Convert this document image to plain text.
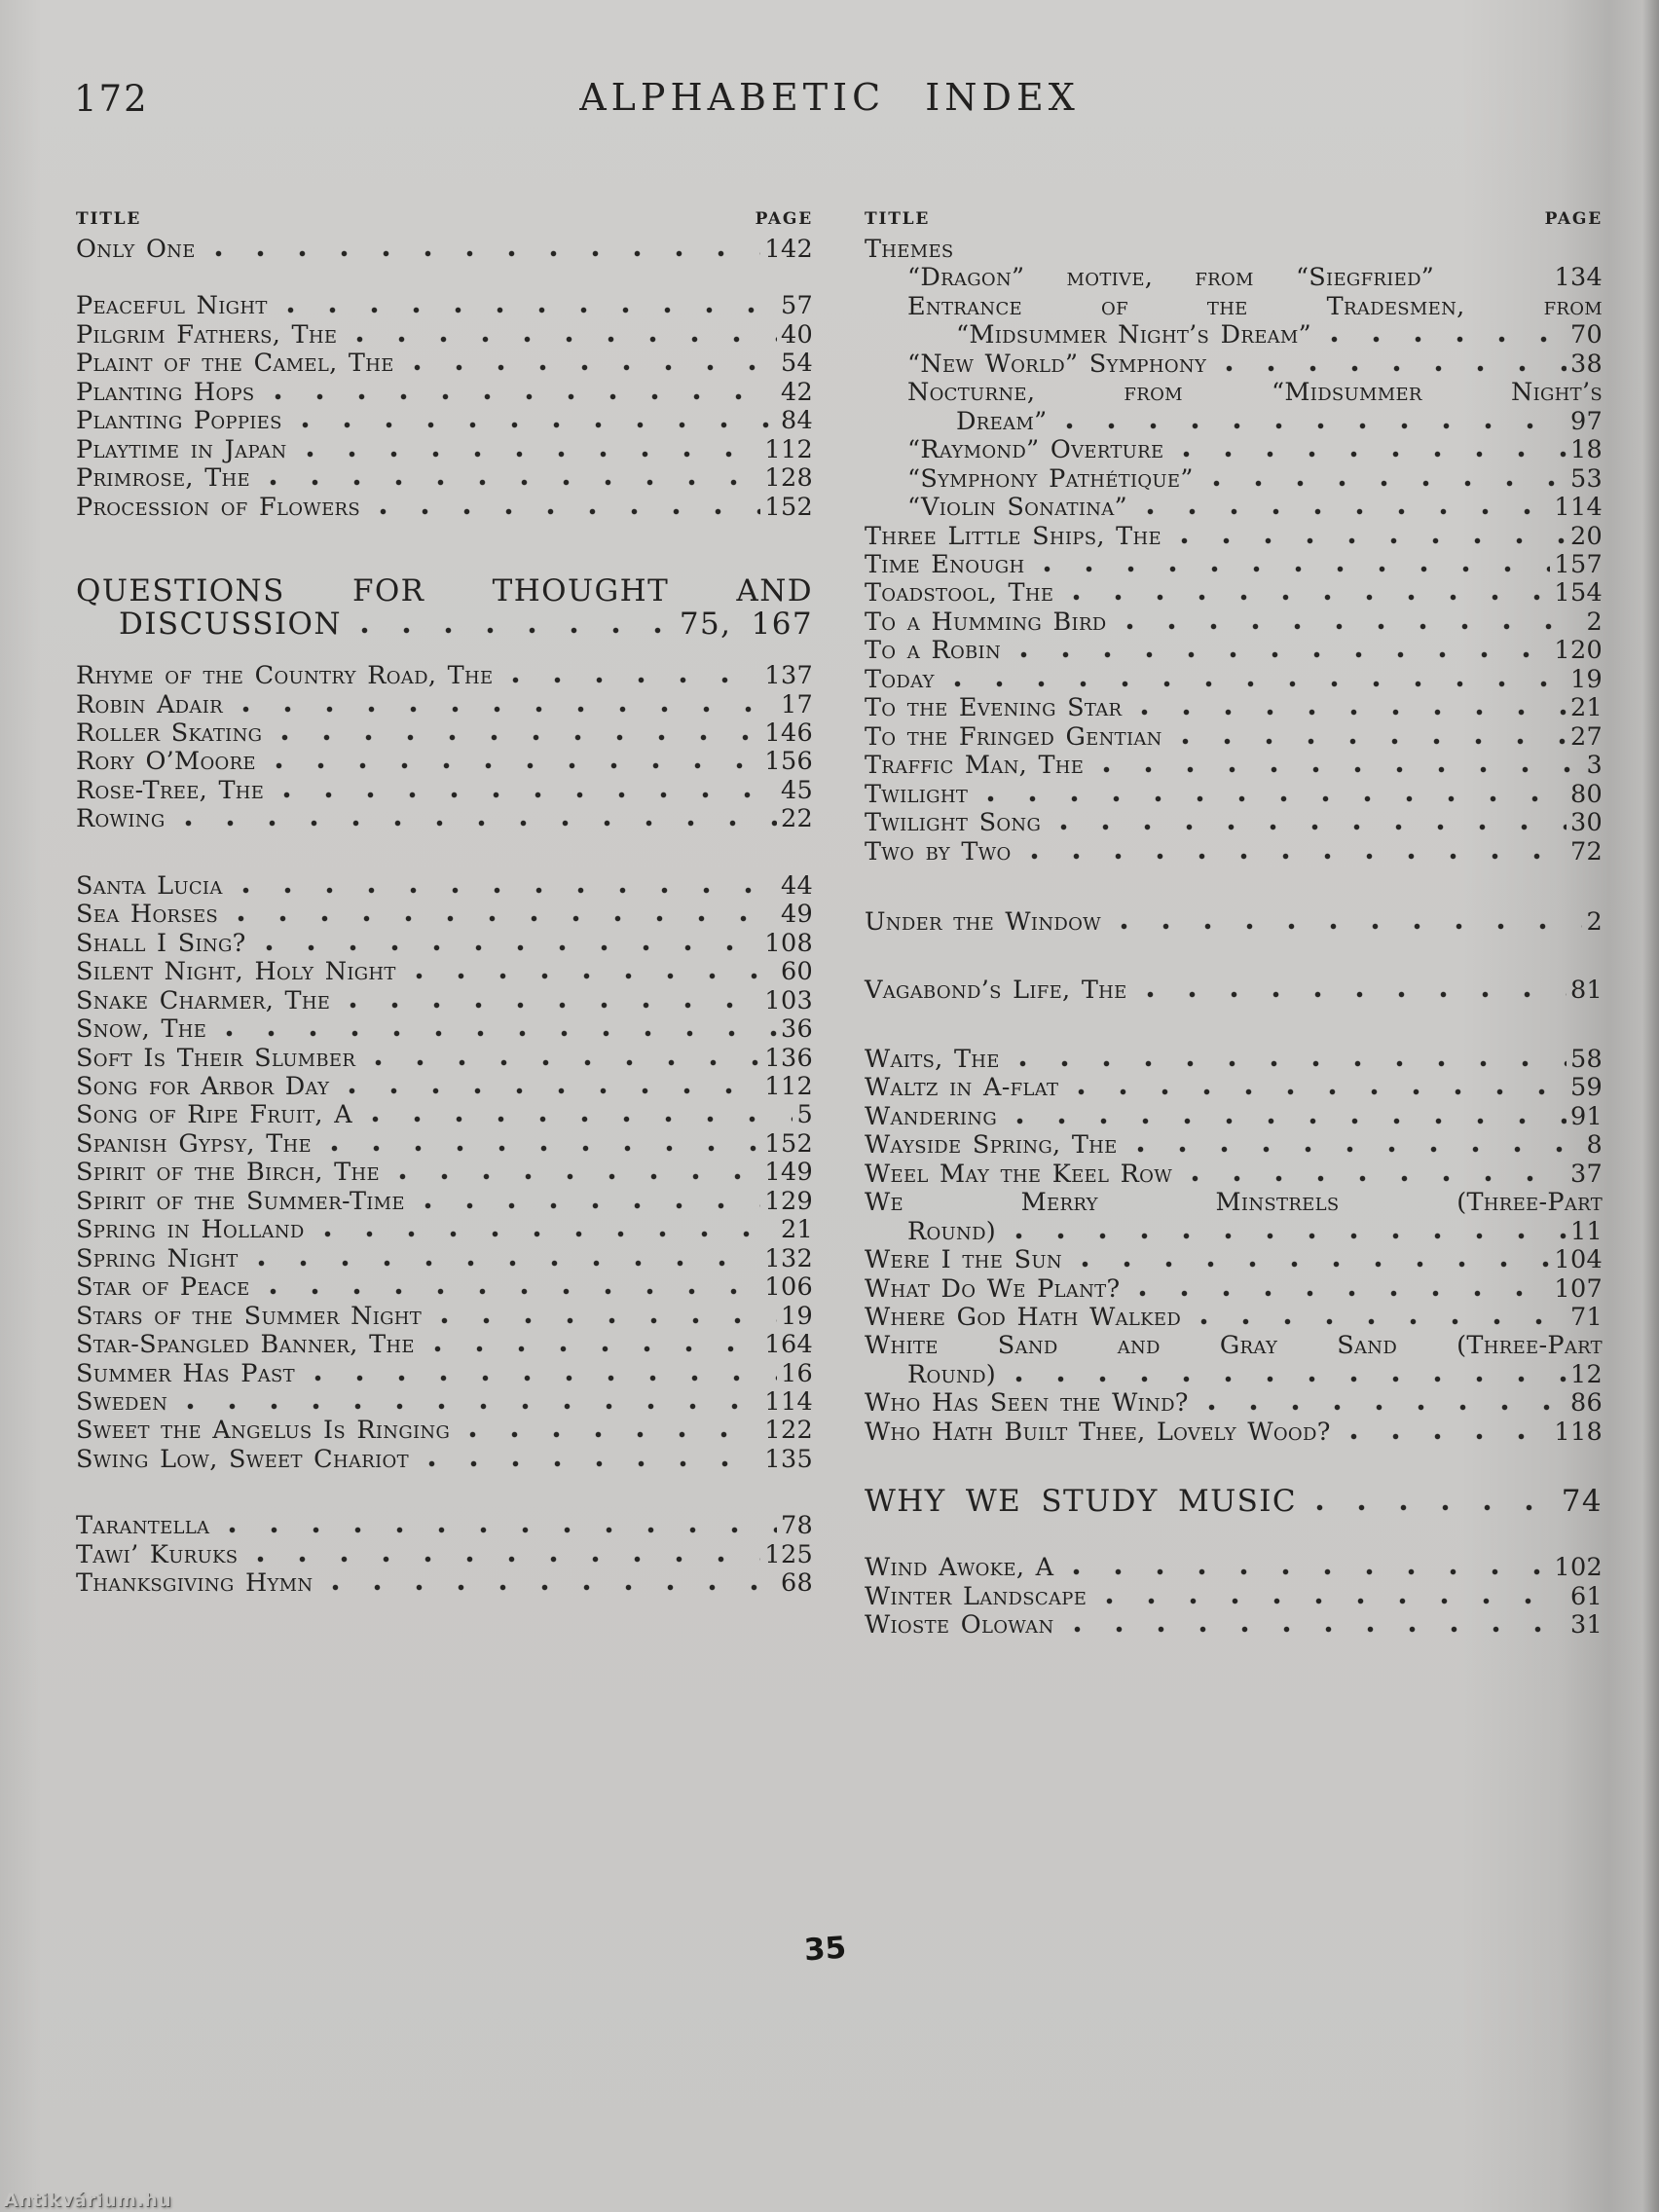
172	ALPHABETIC INDEX
TITLE	PAGE
Only One	142
Peaceful Night	57
Pilgrim Fathers, The	40
Plaint of the Camel, The	54
Planting Hops	42
Planting Poppies	84
Playtime in Japan	112
Primrose, The	128
Procession of Flowers	152
QUESTIONS FOR THOUGHT AND
DISCUSSION	75, 167
Rhyme of the Country Road, The	137
Robin Adair	17
Roller Skating	146
Rory O’Moore	156
Rose-Tree, The	45
Rowing	22
Santa Lucia	44
Sea Horses	49
Shall I Sing?	108
Silent Night, Holy Night	60
Snake Charmer, The	103
Snow, The	36
Soft Is Their Slumber	136
Song for Arbor Day	112
Song of Ripe Fruit, A	5
Spanish Gypsy, The	152
Spirit of the Birch, The	149
Spirit of the Summer-Time	129
Spring in Holland	21
Spring Night	132
Star of Peace	106
Stars of the Summer Night	19
Star-Spangled Banner, The	164
Summer Has Past	16
Sweden	114
Sweet the Angelus Is Ringing	122
Swing Low, Sweet Chariot	135
Tarantella	78
Tawi’ Kuruks	125
Thanksgiving Hymn	68
TITLE	PAGE
Themes
“Dragon” motive, from “Siegfried”	134
Entrance of the Tradesmen, from
“Midsummer Night’s Dream”	70
“New World” Symphony	38
Nocturne, from “Midsummer Night’s
Dream”	97
“Raymond” Overture	18
“Symphony Pathétique”	53
“Violin Sonatina”	114
Three Little Ships, The	20
Time Enough	157
Toadstool, The	154
To a Humming Bird	2
To a Robin	120
Today	19
To the Evening Star	21
To the Fringed Gentian	27
Traffic Man, The	3
Twilight	80
Twilight Song	30
Two by Two	72
Under the Window	2
Vagabond’s Life, The	81
Waits, The	58
Waltz in A-flat	59
Wandering	91
Wayside Spring, The	8
Weel May the Keel Row	37
We Merry Minstrels (Three-Part
Round)	11
Were I the Sun	104
What Do We Plant?	107
Where God Hath Walked	71
White Sand and Gray Sand (Three-Part
Round)	12
Who Has Seen the Wind?	86
Who Hath Built Thee, Lovely Wood?	118
WHY WE STUDY MUSIC	74
Wind Awoke, A	102
Winter Landscape	61
Wioste Olowan	31
35
Antikvárium.hu
